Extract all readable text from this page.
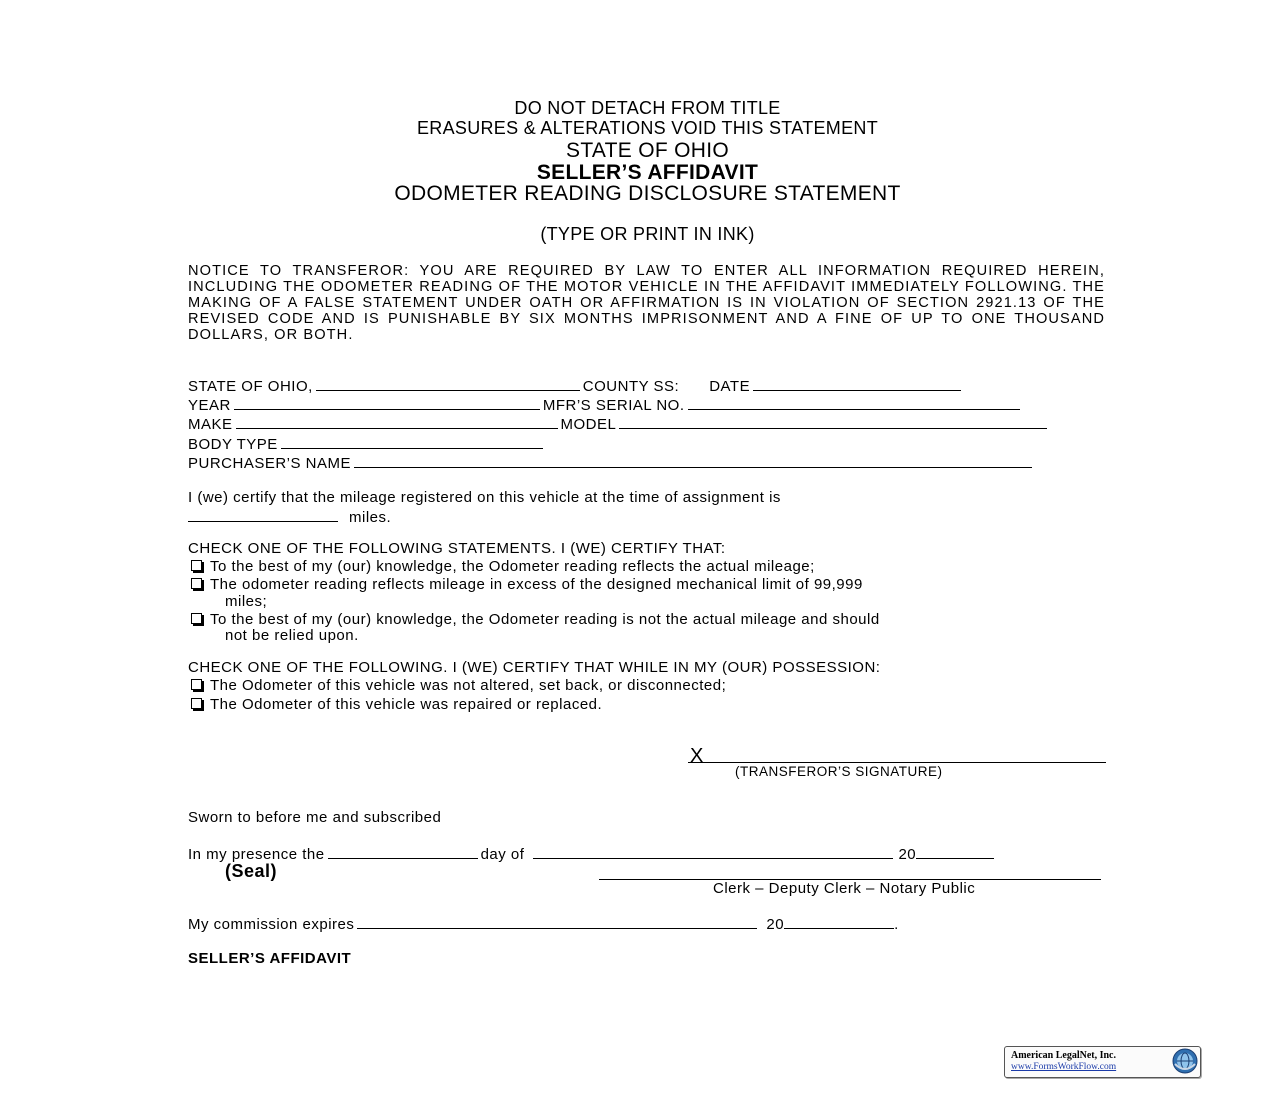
DO NOT DETACH FROM TITLE
ERASURES & ALTERATIONS VOID THIS STATEMENT
STATE OF OHIO
SELLER’S AFFIDAVIT
ODOMETER READING DISCLOSURE STATEMENT
(TYPE OR PRINT IN INK)
NOTICE TO TRANSFEROR: YOU ARE REQUIRED BY LAW TO ENTER ALL INFORMATION REQUIRED HEREIN, INCLUDING THE ODOMETER READING OF THE MOTOR VEHICLE IN THE AFFIDAVIT IMMEDIATELY FOLLOWING. THE MAKING OF A FALSE STATEMENT UNDER OATH OR AFFIRMATION IS IN VIOLATION OF SECTION 2921.13 OF THE REVISED CODE AND IS PUNISHABLE BY SIX MONTHS IMPRISONMENT AND A FINE OF UP TO ONE THOUSAND DOLLARS, OR BOTH.
STATE OF OHIO,	COUNTY SS: DATE
YEAR	MFR’S SERIAL NO.
MAKE	MODEL
BODY TYPE
PURCHASER’S NAME
I (we) certify that the mileage registered on this vehicle at the time of assignment is
miles.
CHECK ONE OF THE FOLLOWING STATEMENTS. I (WE) CERTIFY THAT:
To the best of my (our) knowledge, the Odometer reading reflects the actual mileage;
The odometer reading reflects mileage in excess of the designed mechanical limit of 99,999
miles;
To the best of my (our) knowledge, the Odometer reading is not the actual mileage and should
not be relied upon.
CHECK ONE OF THE FOLLOWING. I (WE) CERTIFY THAT WHILE IN MY (OUR) POSSESSION:
The Odometer of this vehicle was not altered, set back, or disconnected;
The Odometer of this vehicle was repaired or replaced.
X
(TRANSFEROR’S SIGNATURE)
Sworn to before me and subscribed
In my presence the	day of	20
(Seal)
Clerk – Deputy Clerk – Notary Public
My commission expires	20	.
SELLER’S AFFIDAVIT
American LegalNet, Inc.
www.FormsWorkFlow.com
